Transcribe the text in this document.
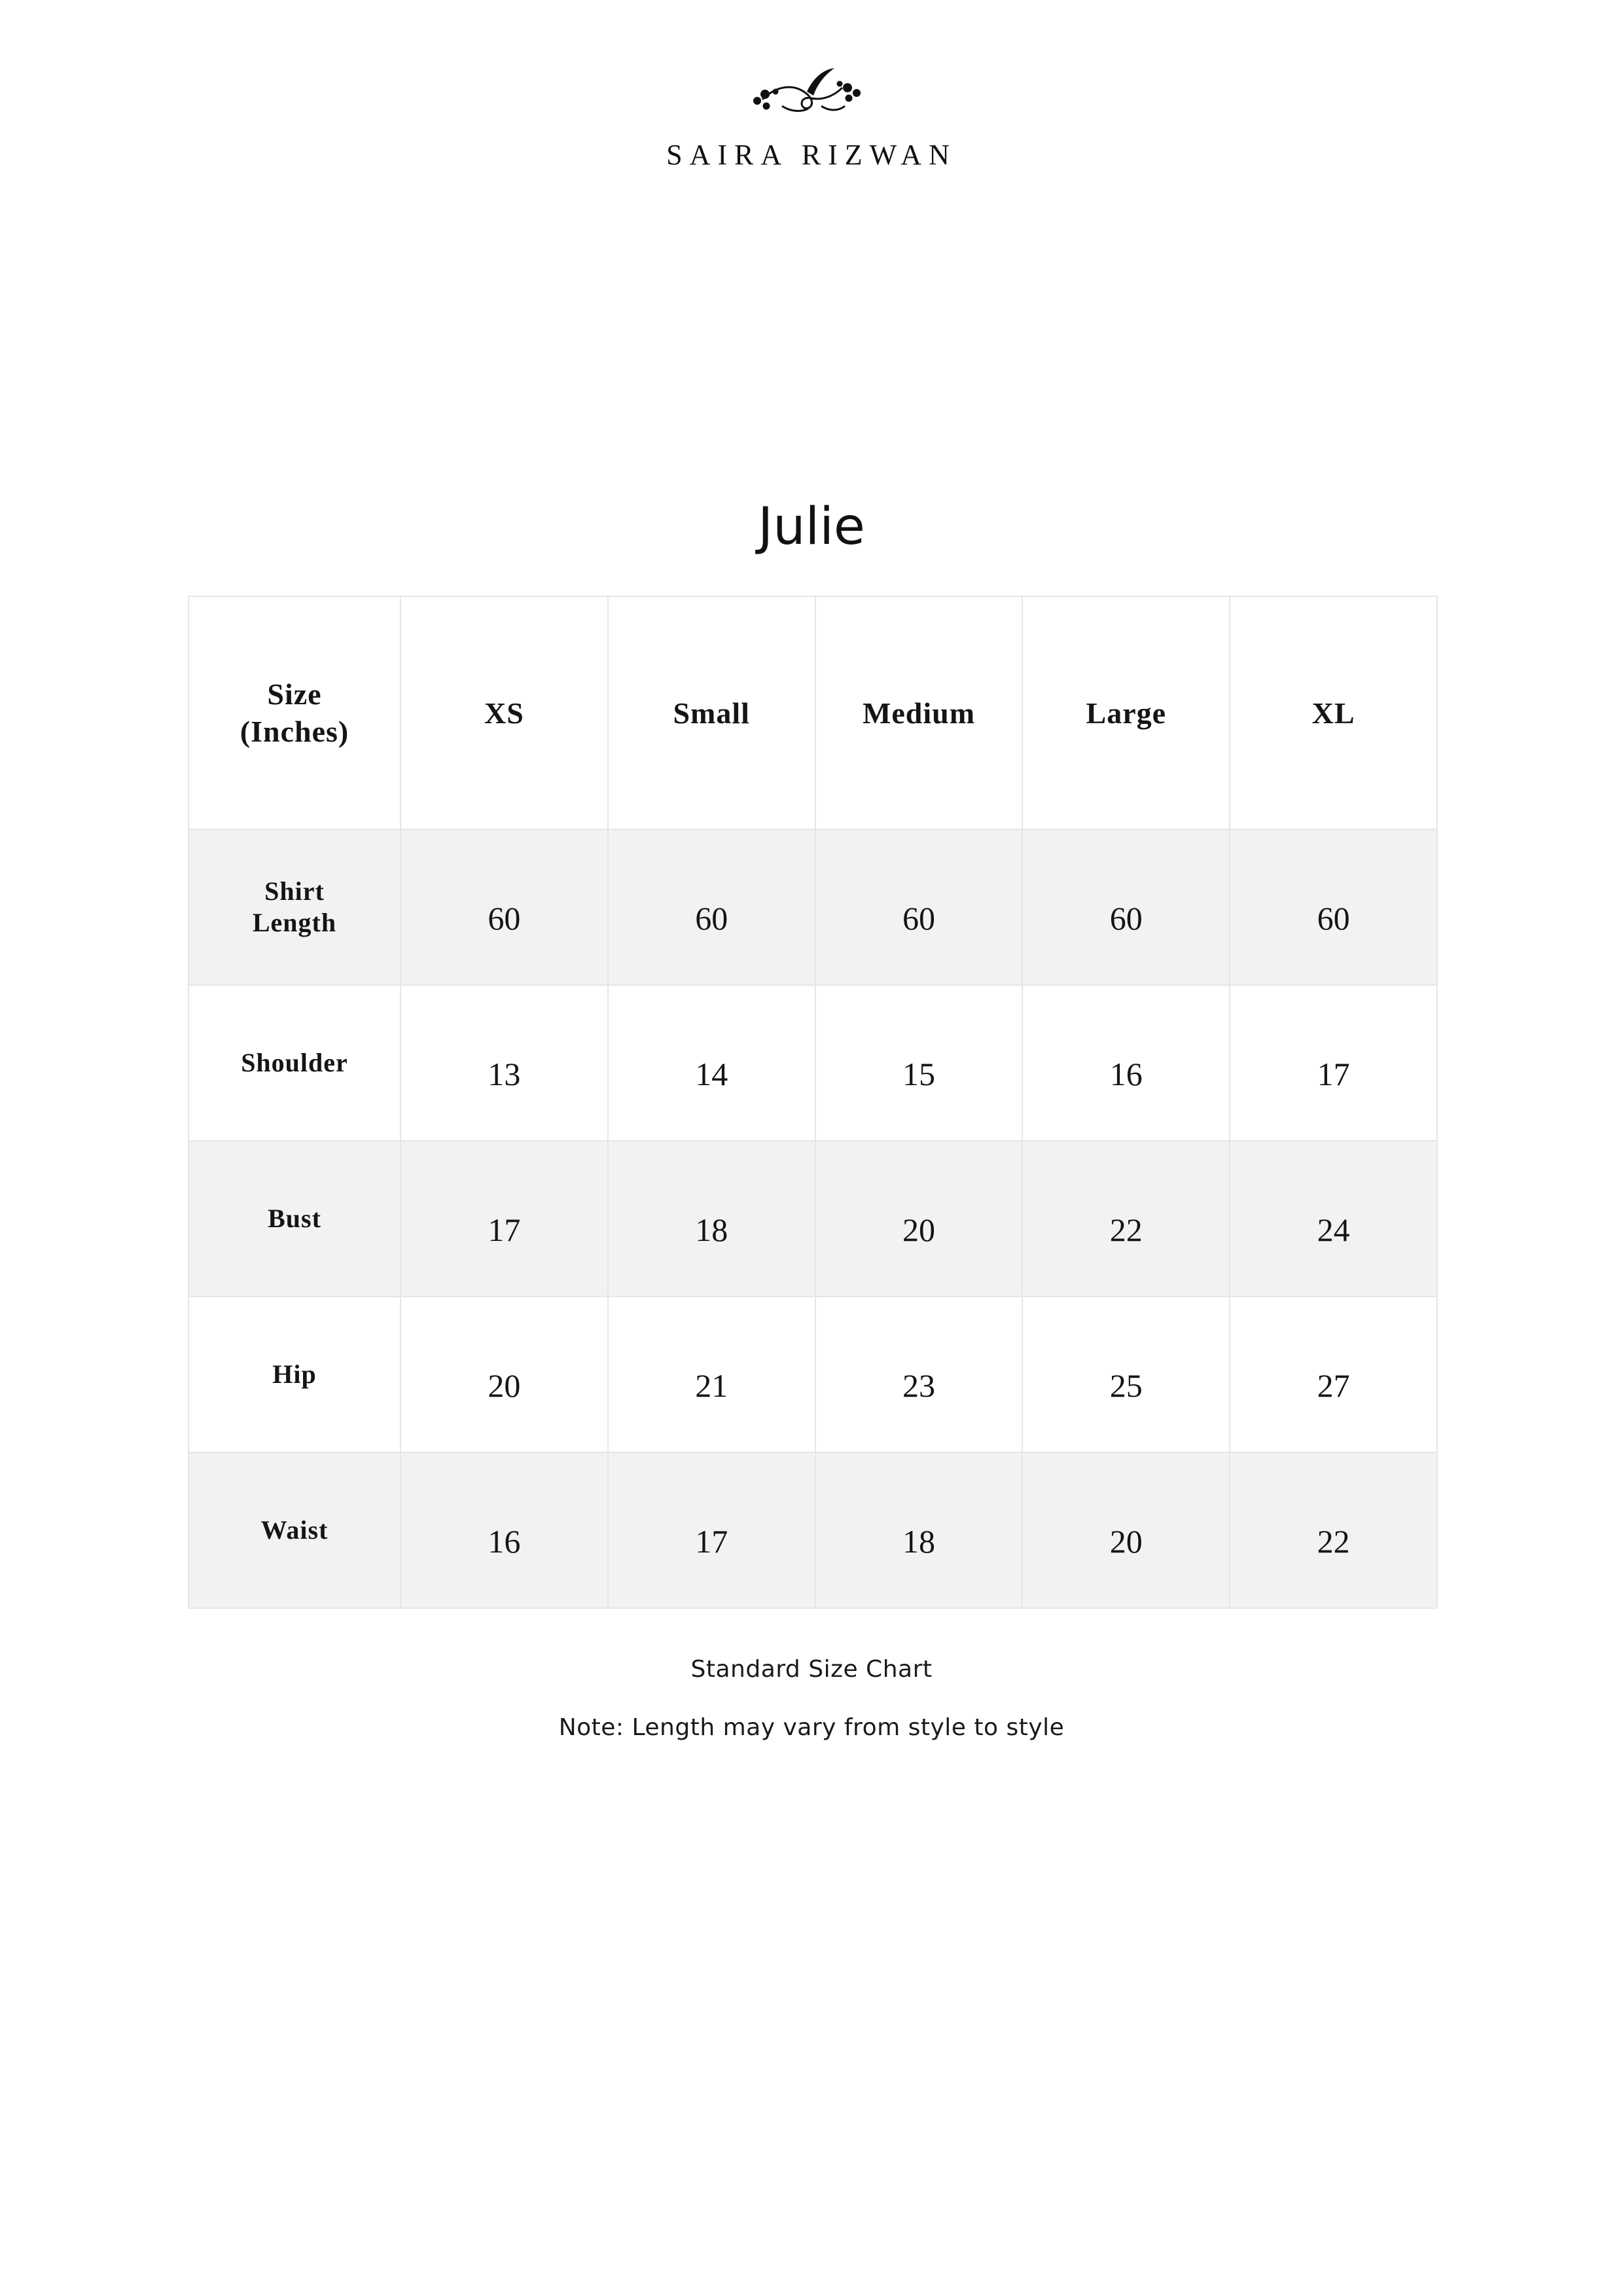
SAIRA RIZWAN
Julie
Size
(Inches)	XS	Small	Medium	Large	XL

Shirt
Length	60	60	60	60	60

Shoulder	13	14	15	16	17

Bust	17	18	20	22	24

Hip	20	21	23	25	27

Waist	16	17	18	20	22
Standard Size Chart
Note: Length may vary from style to style
